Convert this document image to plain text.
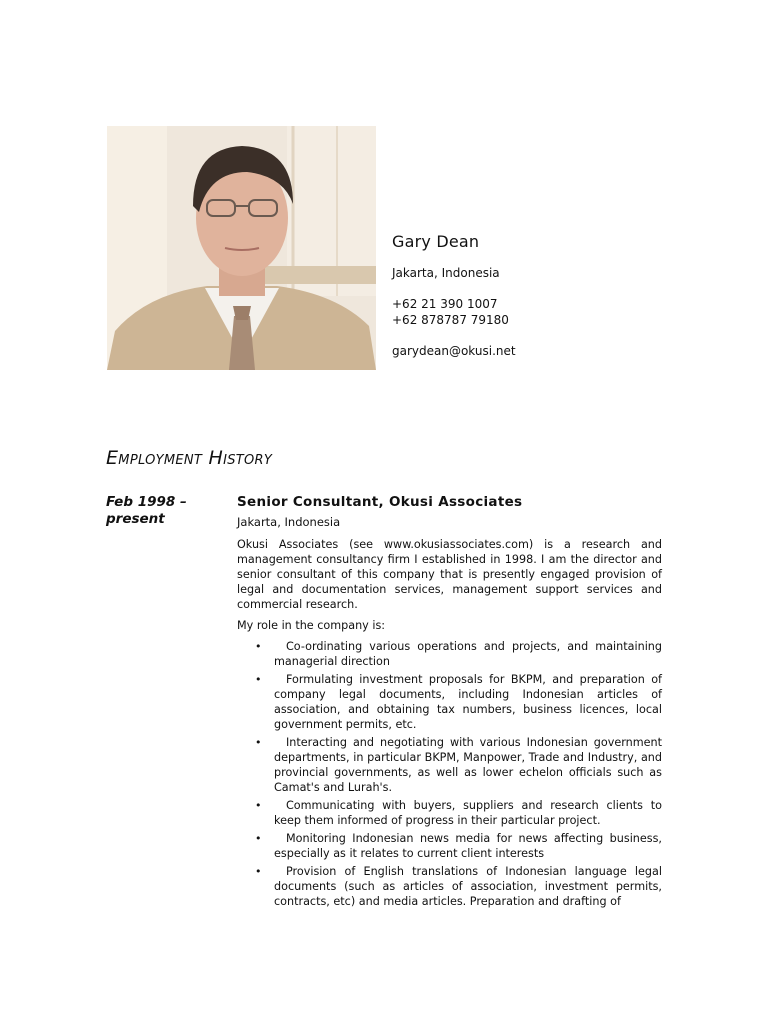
Gary Dean
Jakarta, Indonesia
+62 21 390 1007
+62 878787 79180
garydean@okusi.net
Employment History
Feb 1998 – present
Senior Consultant, Okusi Associates
Jakarta, Indonesia
Okusi Associates (see www.okusiassociates.com) is a research and management consultancy firm I established in 1998. I am the director and senior consultant of this company that is presently engaged provision of legal and documentation services, management support services and commercial research.
My role in the company is:
•	Co-ordinating various operations and projects, and maintaining managerial direction
•	Formulating investment proposals for BKPM, and preparation of company legal documents, including Indonesian articles of association, and obtaining tax numbers, business licences, local government permits, etc.
•	Interacting and negotiating with various Indonesian government departments, in particular BKPM, Manpower, Trade and Industry, and provincial governments, as well as lower echelon officials such as Camat's and Lurah's.
•	Communicating with buyers, suppliers and research clients to keep them informed of progress in their particular project.
•	Monitoring Indonesian news media for news affecting business, especially as it relates to current client interests
•	Provision of English translations of Indonesian language legal documents (such as articles of association, investment permits, contracts, etc) and media articles. Preparation and drafting of
